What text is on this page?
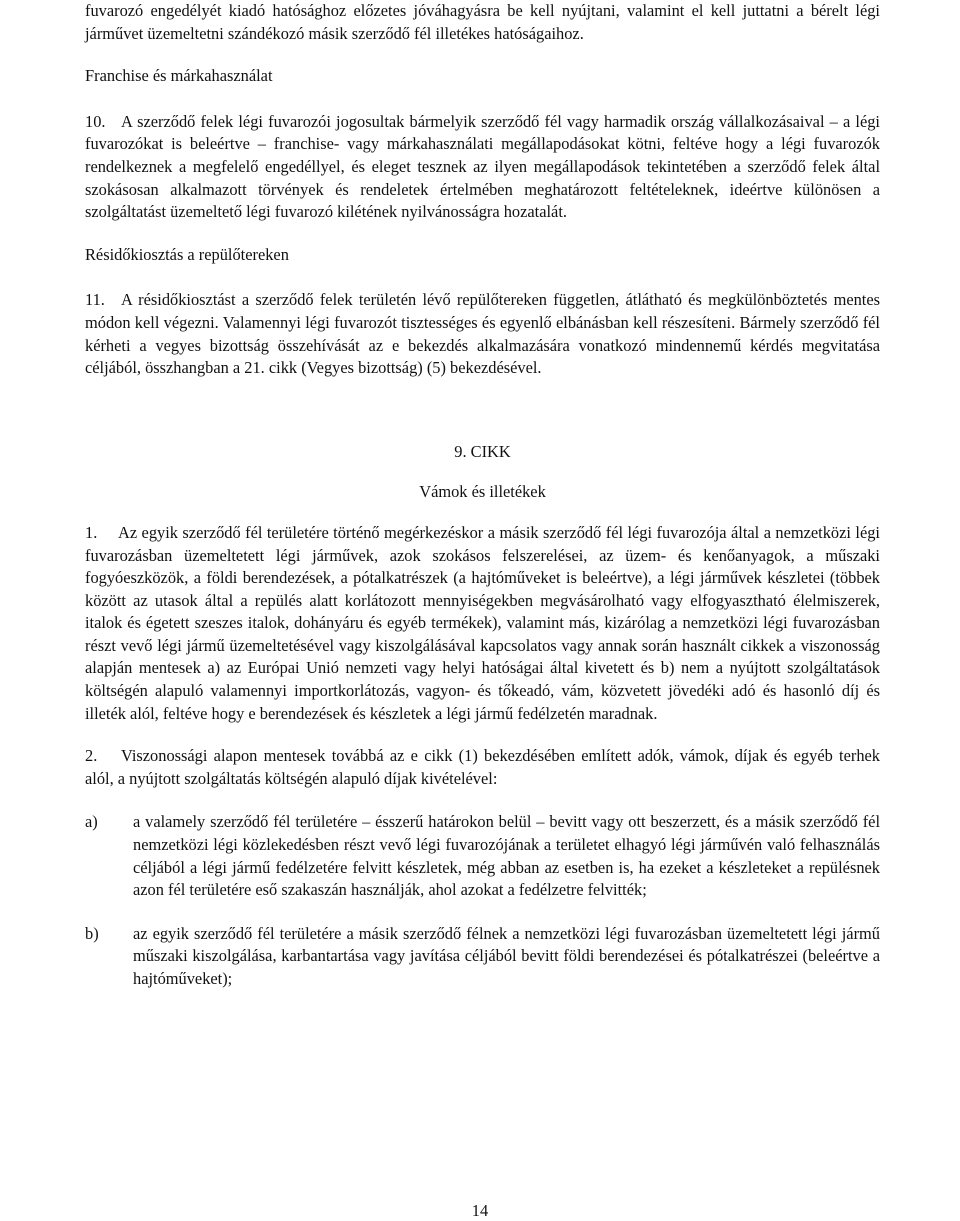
fuvarozó engedélyét kiadó hatósághoz előzetes jóváhagyásra be kell nyújtani, valamint el kell juttatni a bérelt légi járművet üzemeltetni szándékozó másik szerződő fél illetékes hatóságaihoz.

Franchise és márkahasználat

10. A szerződő felek légi fuvarozói jogosultak bármelyik szerződő fél vagy harmadik ország vállalkozásaival – a légi fuvarozókat is beleértve – franchise- vagy márkahasználati megállapodásokat kötni, feltéve hogy a légi fuvarozók rendelkeznek a megfelelő engedéllyel, és eleget tesznek az ilyen megállapodások tekintetében a szerződő felek által szokásosan alkalmazott törvények és rendeletek értelmében meghatározott feltételeknek, ideértve különösen a szolgáltatást üzemeltető légi fuvarozó kilétének nyilvánosságra hozatalát.

Résidőkiosztás a repülőtereken

11. A résidőkiosztást a szerződő felek területén lévő repülőtereken független, átlátható és megkülönböztetés mentes módon kell végezni. Valamennyi légi fuvarozót tisztességes és egyenlő elbánásban kell részesíteni. Bármely szerződő fél kérheti a vegyes bizottság összehívását az e bekezdés alkalmazására vonatkozó mindennemű kérdés megvitatása céljából, összhangban a 21. cikk (Vegyes bizottság) (5) bekezdésével.

9. CIKK

Vámok és illetékek

1. Az egyik szerződő fél területére történő megérkezéskor a másik szerződő fél légi fuvarozója által a nemzetközi légi fuvarozásban üzemeltetett légi járművek, azok szokásos felszerelései, az üzem- és kenőanyagok, a műszaki fogyóeszközök, a földi berendezések, a pótalkatrészek (a hajtóműveket is beleértve), a légi járművek készletei (többek között az utasok által a repülés alatt korlátozott mennyiségekben megvásárolható vagy elfogyasztható élelmiszerek, italok és égetett szeszes italok, dohányáru és egyéb termékek), valamint más, kizárólag a nemzetközi légi fuvarozásban részt vevő légi jármű üzemeltetésével vagy kiszolgálásával kapcsolatos vagy annak során használt cikkek a viszonosság alapján mentesek a) az Európai Unió nemzeti vagy helyi hatóságai által kivetett és b) nem a nyújtott szolgáltatások költségén alapuló valamennyi importkorlátozás, vagyon- és tőkeadó, vám, közvetett jövedéki adó és hasonló díj és illeték alól, feltéve hogy e berendezések és készletek a légi jármű fedélzetén maradnak.

2. Viszonossági alapon mentesek továbbá az e cikk (1) bekezdésében említett adók, vámok, díjak és egyéb terhek alól, a nyújtott szolgáltatás költségén alapuló díjak kivételével:

a) a valamely szerződő fél területére – ésszerű határokon belül – bevitt vagy ott beszerzett, és a másik szerződő fél nemzetközi légi közlekedésben részt vevő légi fuvarozójának a területet elhagyó légi járművén való felhasználás céljából a légi jármű fedélzetére felvitt készletek, még abban az esetben is, ha ezeket a készleteket a repülésnek azon fél területére eső szakaszán használják, ahol azokat a fedélzetre felvitték;
b) az egyik szerződő fél területére a másik szerződő félnek a nemzetközi légi fuvarozásban üzemeltetett légi jármű műszaki kiszolgálása, karbantartása vagy javítása céljából bevitt földi berendezései és pótalkatrészei (beleértve a hajtóműveket);
14
